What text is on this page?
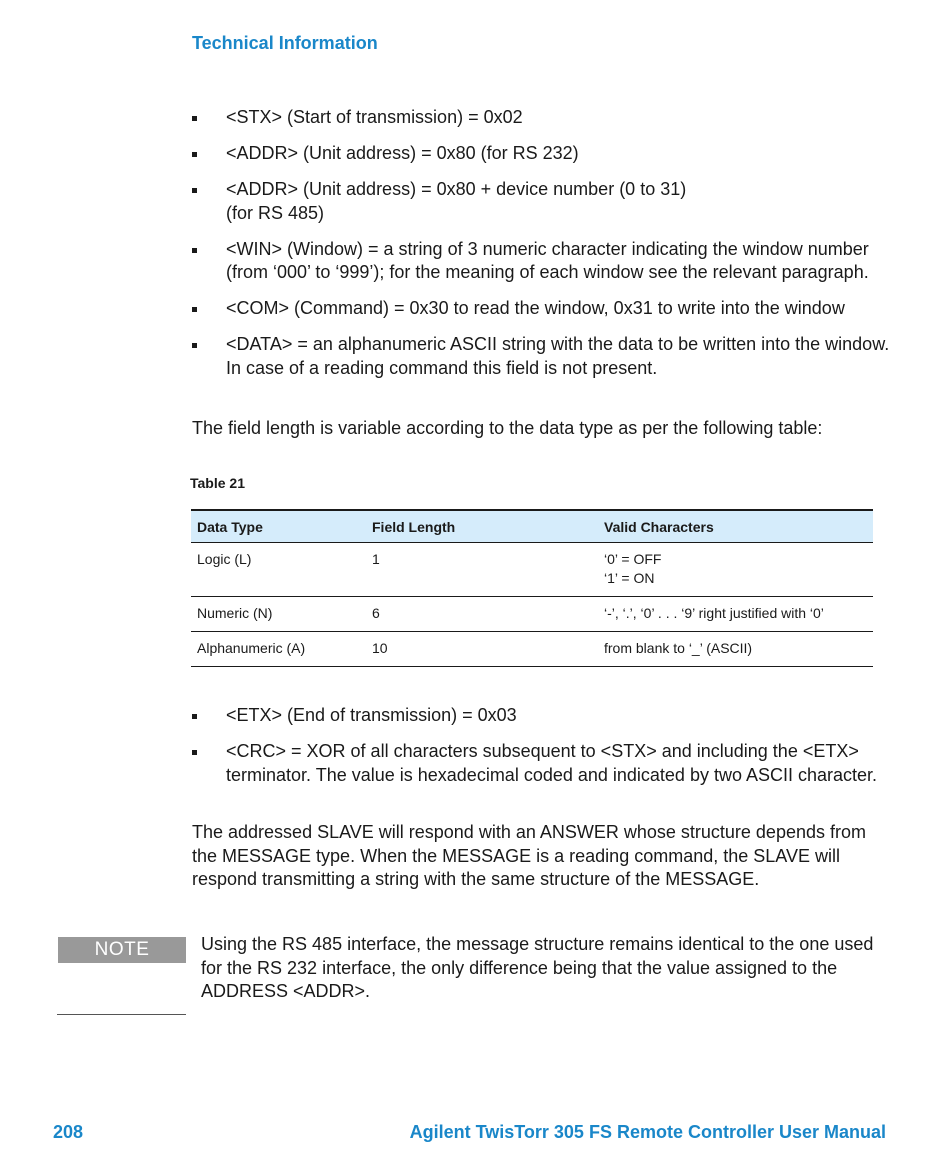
Technical Information
<STX> (Start of transmission) = 0x02
<ADDR> (Unit address) = 0x80 (for RS 232)
<ADDR> (Unit address) = 0x80 + device number (0 to 31)
(for RS 485)
<WIN> (Window) = a string of 3 numeric character indicating the window number (from ‘000’ to ‘999’); for the meaning of each window see the relevant paragraph.
<COM> (Command) = 0x30 to read the window, 0x31 to write into the window
<DATA> = an alphanumeric ASCII string with the data to be written into the window. In case of a reading command this field is not present.

The field length is variable according to the data type as per the following table:

Table 21
Data Type	Field Length	Valid Characters
Logic (L)	1	‘0’ = OFF
‘1’ = ON
Numeric (N)	6	‘-’, ‘.’, ‘0’ . . . ‘9’ right justified with ‘0’
Alphanumeric (A)	10	from blank to ‘_’ (ASCII)
<ETX> (End of transmission) = 0x03
<CRC> = XOR of all characters subsequent to <STX> and including the <ETX> terminator. The value is hexadecimal coded and indicated by two ASCII character.

The addressed SLAVE will respond with an ANSWER whose structure depends from the MESSAGE type. When the MESSAGE is a reading command, the SLAVE will respond transmitting a string with the same structure of the MESSAGE.

NOTE	Using the RS 485 interface, the message structure remains identical to the one used for the RS 232 interface, the only difference being that the value assigned to the ADDRESS <ADDR>.

208	Agilent TwisTorr 305 FS Remote Controller User Manual
